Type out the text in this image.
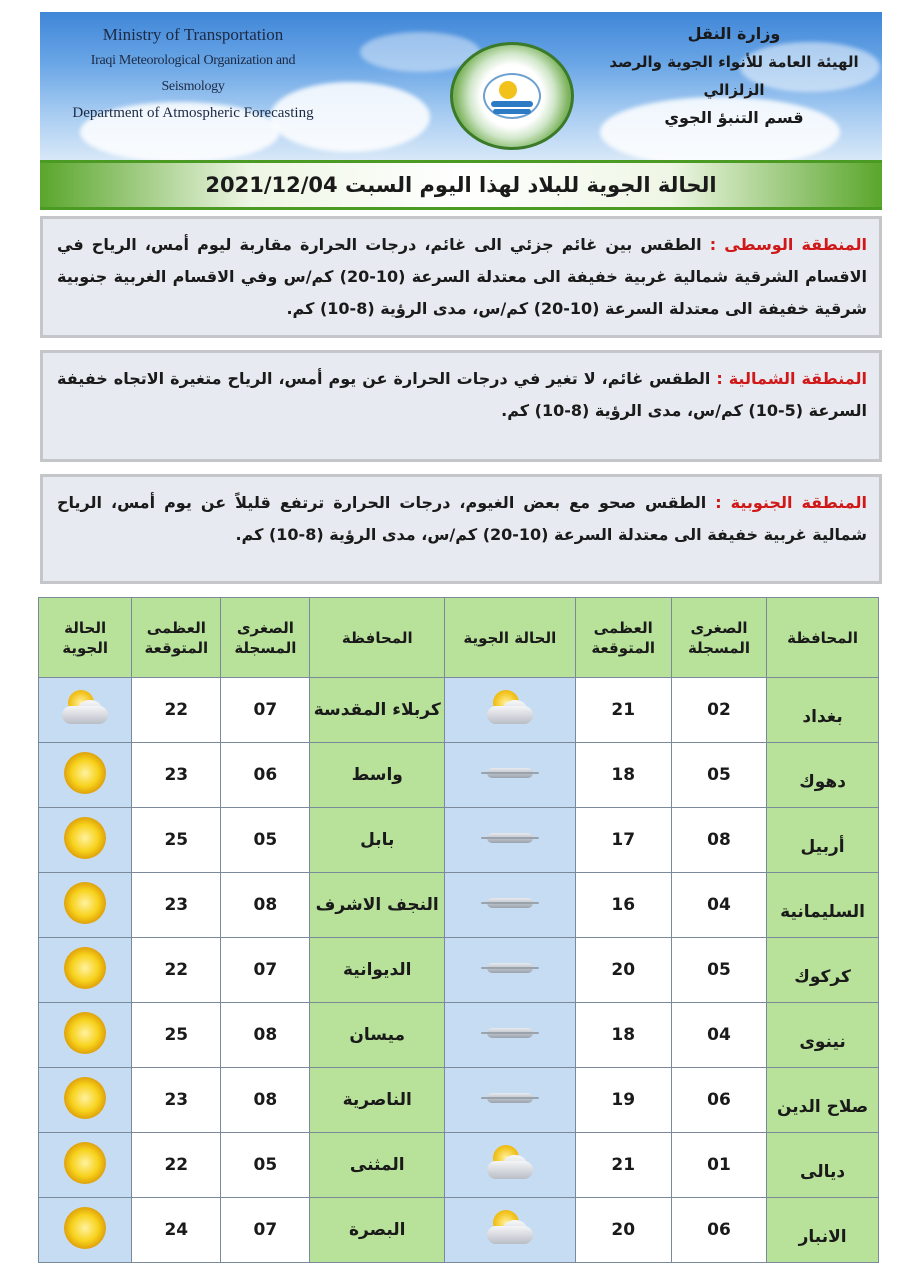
Ministry of Transportation
Iraqi Meteorological Organization and Seismology
Department of Atmospheric Forecasting
وزارة النقل
الهيئة العامة للأنواء الجوية والرصد الزلزالي
قسم التنبؤ الجوي
الحالة الجوية للبلاد لهذا اليوم السبت 2021/12/04
المنطقة الوسطى : الطقس بين غائم جزئي الى غائم، درجات الحرارة مقاربة ليوم أمس، الرياح في الاقسام الشرقية شمالية غربية خفيفة الى معتدلة السرعة (10-20) كم/س وفي الاقسام الغربية جنوبية شرقية خفيفة الى معتدلة السرعة (10-20) كم/س، مدى الرؤية (8-10) كم.
المنطقة الشمالية : الطقس غائم، لا تغير في درجات الحرارة عن يوم أمس، الرياح متغيرة الاتجاه خفيفة السرعة (5-10) كم/س، مدى الرؤية (8-10) كم.
المنطقة الجنوبية : الطقس صحو مع بعض الغيوم، درجات الحرارة ترتفع قليلاً عن يوم أمس، الرياح شمالية غربية خفيفة الى معتدلة السرعة (10-20) كم/س، مدى الرؤية (8-10) كم.
المحافظة	الصغرى المسجلة	العظمى المتوقعة	الحالة الجوية	المحافظة	الصغرى المسجلة	العظمى المتوقعة	الحالة الجوية
بغداد	02	21		كربلاء المقدسة	07	22	

دهوك	05	18		واسط	06	23	
أربيل	08	17		بابل	05	25	
السليمانية	04	16		النجف الاشرف	08	23	
كركوك	05	20		الديوانية	07	22	
نينوى	04	18		ميسان	08	25	
صلاح الدين	06	19		الناصرية	08	23	
ديالى	01	21		المثنى	05	22	
الانبار	06	20		البصرة	07	24	
